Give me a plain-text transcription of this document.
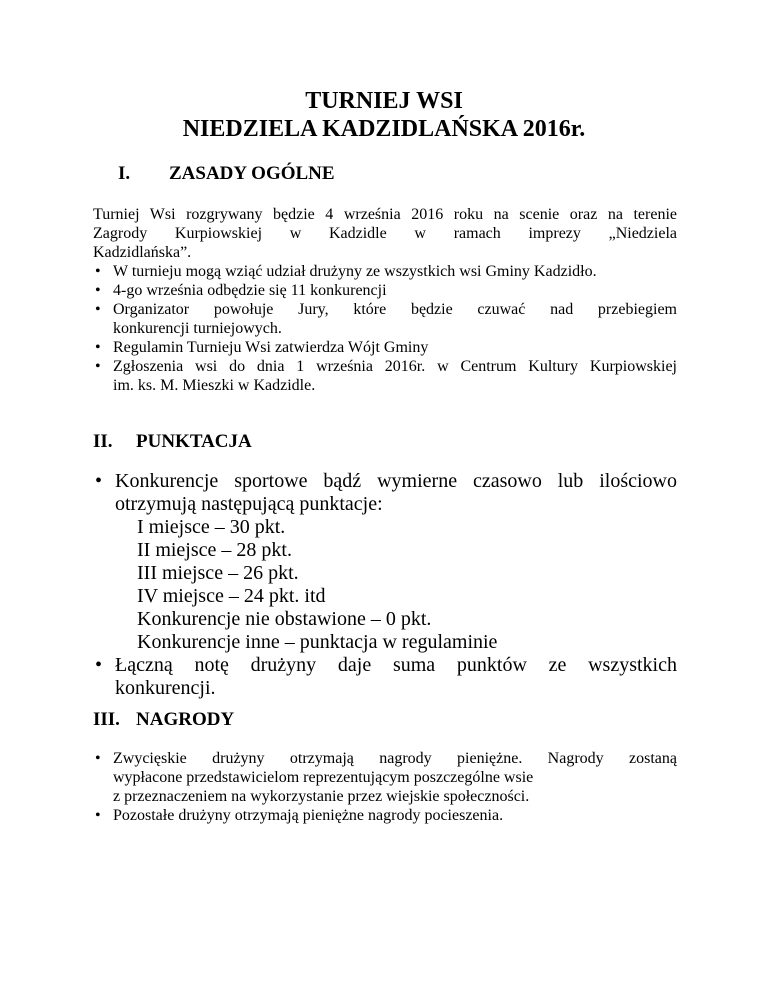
TURNIEJ WSI
NIEDZIELA KADZIDLAŃSKA 2016r.
I. ZASADY OGÓLNE
Turniej Wsi rozgrywany będzie 4 września 2016 roku na scenie oraz na terenie
Zagrody Kurpiowskiej w Kadzidle w ramach imprezy „Niedziela
Kadzidlańska”.
• W turnieju mogą wziąć udział drużyny ze wszystkich wsi Gminy Kadzidło.
• 4-go września odbędzie się 11 konkurencji
• Organizator powołuje Jury, które będzie czuwać nad przebiegiem
konkurencji turniejowych.
• Regulamin Turnieju Wsi zatwierdza Wójt Gminy
• Zgłoszenia wsi do dnia 1 września 2016r. w Centrum Kultury Kurpiowskiej
im. ks. M. Mieszki w Kadzidle.
II. PUNKTACJA
• Konkurencje sportowe bądź wymierne czasowo lub ilościowo
otrzymują następującą punktacje:
I miejsce – 30 pkt.
II miejsce – 28 pkt.
III miejsce – 26 pkt.
IV miejsce – 24 pkt. itd
Konkurencje nie obstawione – 0 pkt.
Konkurencje inne – punktacja w regulaminie
• Łączną notę drużyny daje suma punktów ze wszystkich
konkurencji.
III. NAGRODY
• Zwycięskie drużyny otrzymają nagrody pieniężne. Nagrody zostaną
wypłacone przedstawicielom reprezentującym poszczególne wsie
z przeznaczeniem na wykorzystanie przez wiejskie społeczności.
• Pozostałe drużyny otrzymają pieniężne nagrody pocieszenia.
